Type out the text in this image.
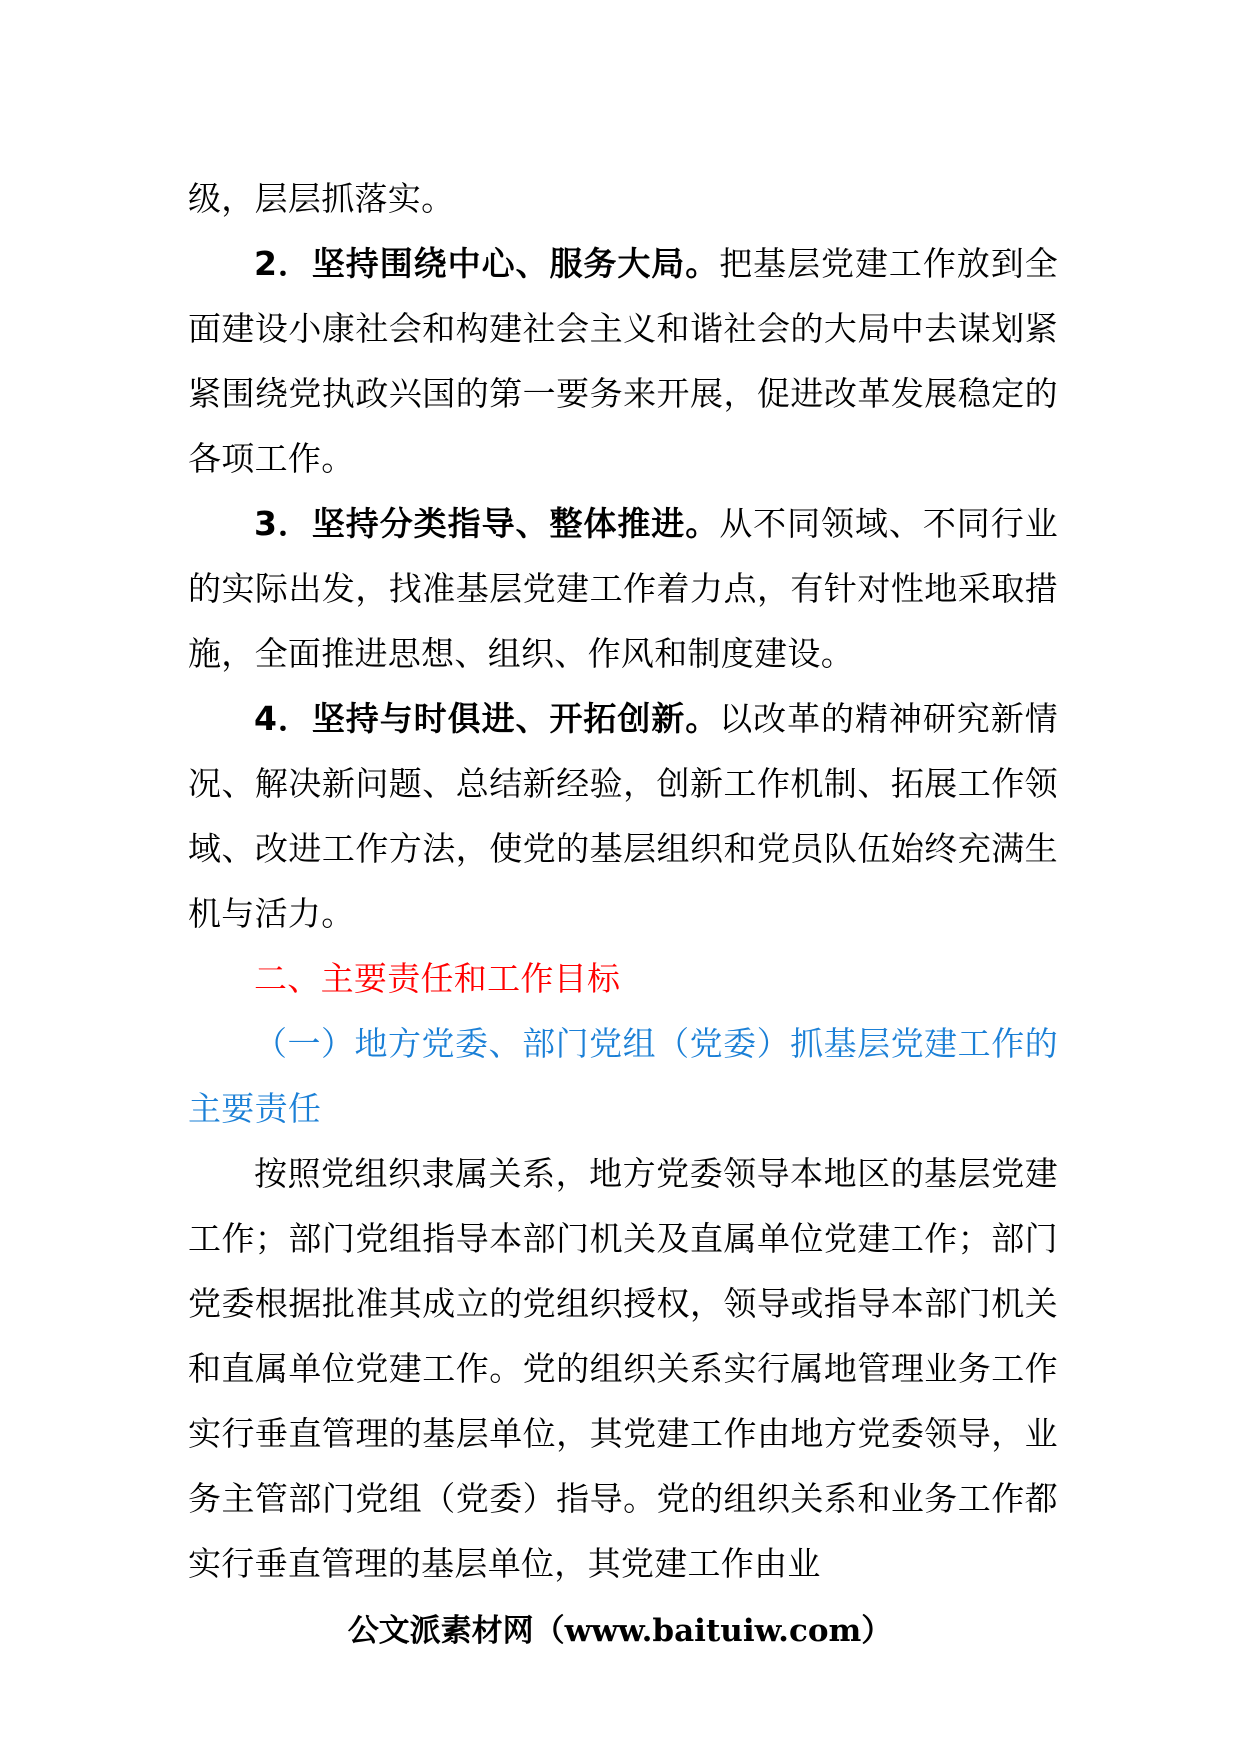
级，层层抓落实。

2．坚持围绕中心、服务大局。把基层党建工作放到全面建设小康社会和构建社会主义和谐社会的大局中去谋划紧紧围绕党执政兴国的第一要务来开展，促进改革发展稳定的各项工作。

3．坚持分类指导、整体推进。从不同领域、不同行业的实际出发，找准基层党建工作着力点，有针对性地采取措施，全面推进思想、组织、作风和制度建设。

4．坚持与时俱进、开拓创新。以改革的精神研究新情况、解决新问题、总结新经验，创新工作机制、拓展工作领域、改进工作方法，使党的基层组织和党员队伍始终充满生机与活力。

二、主要责任和工作目标

（一）地方党委、部门党组（党委）抓基层党建工作的主要责任

按照党组织隶属关系，地方党委领导本地区的基层党建工作；部门党组指导本部门机关及直属单位党建工作；部门党委根据批准其成立的党组织授权，领导或指导本部门机关和直属单位党建工作。党的组织关系实行属地管理业务工作实行垂直管理的基层单位，其党建工作由地方党委领导，业务主管部门党组（党委）指导。党的组织关系和业务工作都实行垂直管理的基层单位，其党建工作由业

公文派素材网（www.baituiw.com）
